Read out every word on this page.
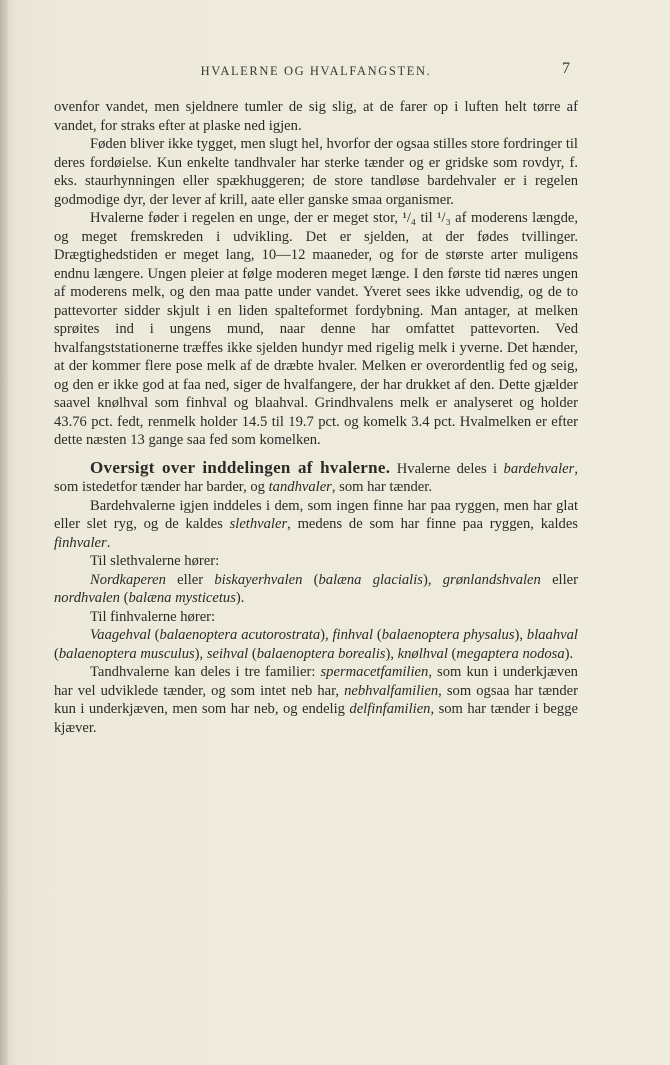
HVALERNE OG HVALFANGSTEN.	7

ovenfor vandet, men sjeldnere tumler de sig slig, at de farer op i luften helt tørre af vandet, for straks efter at plaske ned igjen.

Føden bliver ikke tygget, men slugt hel, hvorfor der ogsaa stilles store fordringer til deres fordøielse. Kun enkelte tandhvaler har sterke tænder og er gridske som rovdyr, f. eks. staurhynningen eller spækhuggeren; de store tandløse bardehvaler er i regelen godmodige dyr, der lever af krill, aate eller ganske smaa organismer.

Hvalerne føder i regelen en unge, der er meget stor, ¹/₄ til ¹/₃ af moderens længde, og meget fremskreden i udvikling. Det er sjelden, at der fødes tvillinger. Drægtighedstiden er meget lang, 10—12 maaneder, og for de største arter muligens endnu længere. Ungen pleier at følge moderen meget længe. I den første tid næres ungen af moderens melk, og den maa patte under vandet. Yveret sees ikke udvendig, og de to pattevorter sidder skjult i en liden spalteformet fordybning. Man antager, at melken sprøites ind i ungens mund, naar denne har omfattet pattevorten. Ved hvalfangststationerne træffes ikke sjelden hundyr med rigelig melk i yverne. Det hænder, at der kommer flere pose melk af de dræbte hvaler. Melken er overordentlig fed og seig, og den er ikke god at faa ned, siger de hvalfangere, der har drukket af den. Dette gjælder saavel knølhval som finhval og blaahval. Grindhvalens melk er analyseret og holder 43.76 pct. fedt, renmelk holder 14.5 til 19.7 pct. og komelk 3.4 pct. Hvalmelken er efter dette næsten 13 gange saa fed som komelken.

Oversigt over inddelingen af hvalerne. Hvalerne deles i bardehvaler, som istedetfor tænder har barder, og tandhvaler, som har tænder.

Bardehvalerne igjen inddeles i dem, som ingen finne har paa ryggen, men har glat eller slet ryg, og de kaldes slethvaler, medens de som har finne paa ryggen, kaldes finhvaler.

Til slethvalerne hører:

Nordkaperen eller biskayerhvalen (balæna glacialis), grønlandshvalen eller nordhvalen (balæna mysticetus).

Til finhvalerne hører:

Vaagehval (balaenoptera acutorostrata), finhval (balaenoptera physalus), blaahval (balaenoptera musculus), seihval (balaenoptera borealis), knølhval (megaptera nodosa).

Tandhvalerne kan deles i tre familier: spermacetfamilien, som kun i underkjæven har vel udviklede tænder, og som intet neb har, nebhvalfamilien, som ogsaa har tænder kun i underkjæven, men som har neb, og endelig delfinfamilien, som har tænder i begge kjæver.
